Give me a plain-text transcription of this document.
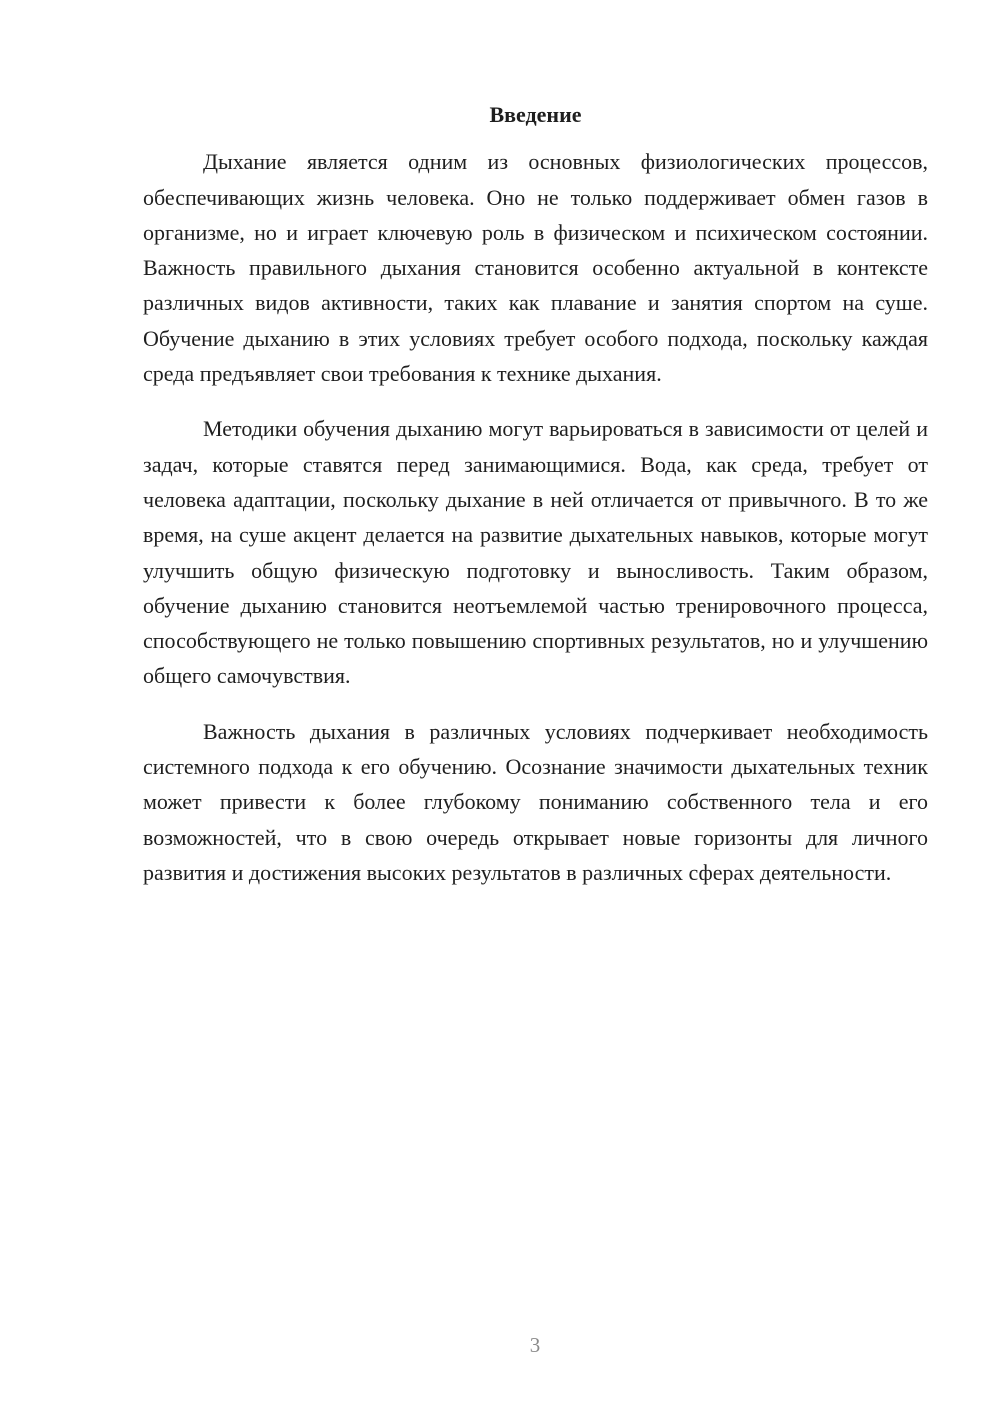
Введение

Дыхание является одним из основных физиологических процессов, обеспечивающих жизнь человека. Оно не только поддерживает обмен газов в организме, но и играет ключевую роль в физическом и психическом состоянии. Важность правильного дыхания становится особенно актуальной в контексте различных видов активности, таких как плавание и занятия спортом на суше. Обучение дыханию в этих условиях требует особого подхода, поскольку каждая среда предъявляет свои требования к технике дыхания.

Методики обучения дыханию могут варьироваться в зависимости от целей и задач, которые ставятся перед занимающимися. Вода, как среда, требует от человека адаптации, поскольку дыхание в ней отличается от привычного. В то же время, на суше акцент делается на развитие дыхательных навыков, которые могут улучшить общую физическую подготовку и выносливость. Таким образом, обучение дыханию становится неотъемлемой частью тренировочного процесса, способствующего не только повышению спортивных результатов, но и улучшению общего самочувствия.

Важность дыхания в различных условиях подчеркивает необходимость системного подхода к его обучению. Осознание значимости дыхательных техник может привести к более глубокому пониманию собственного тела и его возможностей, что в свою очередь открывает новые горизонты для личного развития и достижения высоких результатов в различных сферах деятельности.

3
